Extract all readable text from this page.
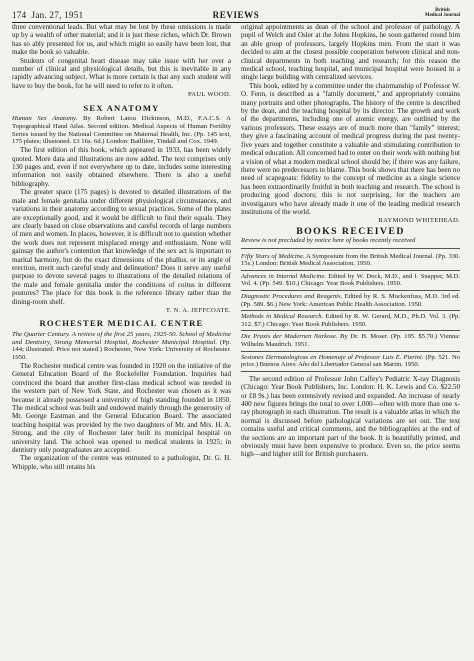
174 Jan. 27, 1951	REVIEWS	British
Medical Journal

three conventional leads. But what may be lost by these omissions is made up by a wealth of other material; and it is just these riches, which Dr. Brown has so ably presented for us, and which might so easily have been lost, that make the book so valuable.

Students of congenital heart disease may take issue with her over a number of clinical and physiological details, but this is inevitable in any rapidly advancing subject. What is more certain is that any such student will have to buy the book, for he will need to refer to it often.

PAUL WOOD.
SEX ANATOMY

Human Sex Anatomy. By Robert Latou Dickinson, M.D., F.A.C.S. A Topographical Hand Atlas. Second edition. Medical Aspects of Human Fertility Series issued by the National Committee on Maternal Health, Inc. (Pp. 145 text, 175 plates; illustrated. £3 16s. 6d.) London: Baillière, Tindall and Cox. 1949.

The first edition of this book, which appeared in 1933, has been widely quoted. More data and illustrations are now added. The text comprises only 130 pages and, even if not everywhere up to date, includes some interesting information not easily obtained elsewhere. There is also a useful bibliography.

The greater space (175 pages) is devoted to detailed illustrations of the male and female genitalia under different physiological circumstances, and variations in their anatomy according to sexual practices. Some of the plates are exceptionally good, and it would be difficult to find their equals. They are clearly based on close observations and careful records of large numbers of men and women. In places, however, it is difficult not to question whether the work does not represent misplaced energy and enthusiasm. None will gainsay the author's contention that knowledge of the sex act is important to marital harmony, but do the exact dimensions of the phallus, or its angle of erection, merit such careful study and delineation? Does it serve any useful purpose to devote several pages to illustrations of the detailed relations of the male and female genitalia under the conditions of coitus in different postures? The place for this book is the reference library rather than the dining-room shelf.

T. N. A. JEFFCOATE.
ROCHESTER MEDICAL CENTRE

The Quarter Century. A review of the first 25 years, 1925-50. School of Medicine and Dentistry, Strong Memorial Hospital, Rochester Municipal Hospital. (Pp. 144; illustrated. Price not stated.) Rochester, New York: University of Rochester. 1950.

The Rochester medical centre was founded in 1920 on the initiative of the General Education Board of the Rockefeller Foundation. Inquiries had convinced the board that another first-class medical school was needed in the western part of New York State, and Rochester was chosen as it was because it already possessed a university of high standing founded in 1850. The medical school was built and endowed mainly through the generosity of Mr. George Eastman and the General Education Board. The associated teaching hospital was provided by the two daughters of Mr. and Mrs. H. A. Strong, and the city of Rochester later built its municipal hospital on university land. The school was opened to medical students in 1925; in dentistry only postgraduates are accepted.

The organization of the centre was entrusted to a pathologist, Dr. G. H. Whipple, who still retains his

original appointments as dean of the school and professor of pathology. A pupil of Welch and Osler at the Johns Hopkins, he soon gathered round him an able group of professors, largely Hopkins men. From the start it was decided to aim at the closest possible cooperation between clinical and non-clinical departments in both teaching and research; for this reason the medical school, teaching hospital, and municipal hospital were housed in a single large building with centralized services.

This book, edited by a committee under the chairmanship of Professor W. O. Fenn, is described as a "family document," and appropriately contains many portraits and other photographs. The history of the centre is described by the dean, and the teaching hospital by its director. The growth and work of the departments, including one of atomic energy, are outlined by the various professors. These essays are of much more than "family" interest; they give a fascinating account of medical progress during the past twenty-five years and together constitute a valuable and stimulating contribution to medical education. All concerned had to enter on their work with nothing but a vision of what a modern medical school should be; if there was any failure, there were no predecessors to blame. This book shows that there has been no need of scapegoats: fidelity to the concept of medicine as a single science has been extraordinarily fruitful in both teaching and research. The school is producing good doctors; this is not surprising, for the teachers are investigators who have already made it one of the leading medical research institutions of the world.

RAYMOND WHITEHEAD.
BOOKS RECEIVED
Review is not precluded by notice here of books recently received
Fifty Years of Medicine. A Symposium from the British Medical Journal. (Pp. 330. 15s.) London: British Medical Association. 1950.
Advances in Internal Medicine. Edited by W. Dock, M.D., and I. Snapper, M.D. Vol. 4. (Pp. 549. $10.) Chicago: Year Book Publishers. 1950.
Diagnostic Procedures and Reagents. Edited by R. S. Muckenfuss, M.D. 3rd ed. (Pp. 589. $6.) New York: American Public Health Association. 1950.
Methods in Medical Research. Edited by R. W. Gerard, M.D., Ph.D. Vol. 3. (Pp. 312. $7.) Chicago: Year Book Publishers. 1950.
Die Praxis der Modernen Narkose. By Dr. H. Moser. (Pp. 195. $5.70.) Vienna: Wilhelm Maudrich. 1951.
Sesiones Dermatologicas en Homenaje al Professor Luis E. Pierini. (Pp. 521. No price.) Buenos Aires: Año del Libertador General san Martin. 1950.

The second edition of Professor John Caffey's Pediatric X-ray Diagnosis (Chicago: Year Book Publishers, Inc. London: H. K. Lewis and Co. $22.50 or £8 9s.) has been extensively revised and expanded. An increase of nearly 400 new figures brings the total to over 1,000—often with more than one x-ray photograph in each illustration. The result is a valuable atlas in which the normal is discussed before pathological variations are set out. The text contains useful and critical comments, and the bibliographies at the end of the sections are an important part of the book. It is beautifully printed, and obviously must have been expensive to produce. Even so, the price seems high—and higher still for British purchasers.
